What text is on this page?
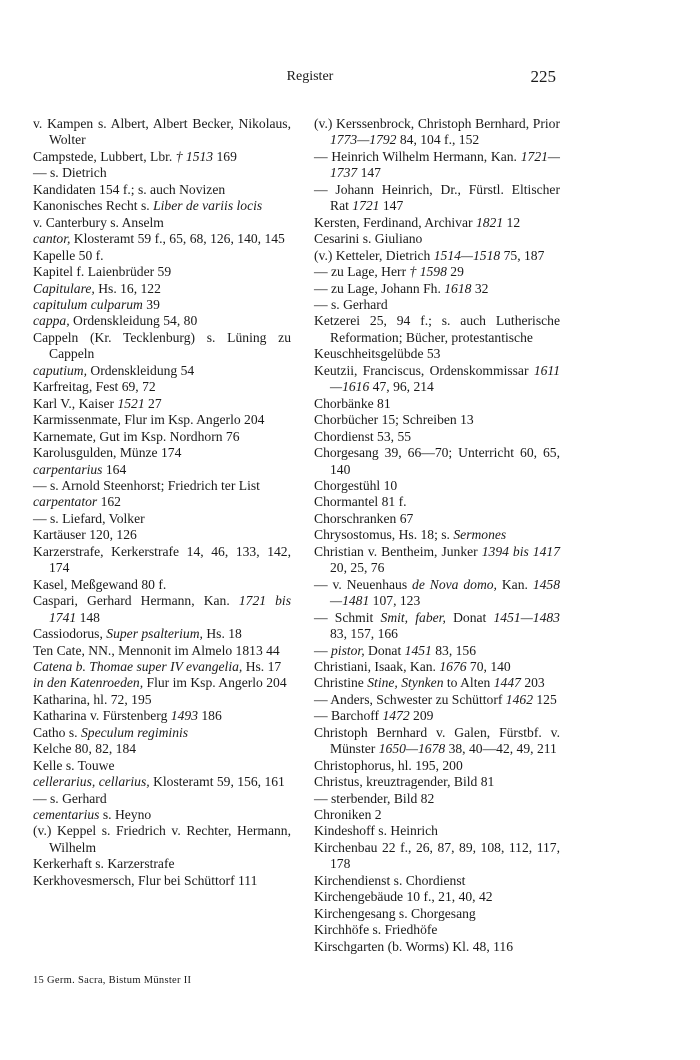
Register	225
v. Kampen s. Albert, Albert Becker, Nikolaus, Wolter
Campstede, Lubbert, Lbr. † 1513 169
— s. Dietrich
Kandidaten 154 f.; s. auch Novizen
Kanonisches Recht s. Liber de variis locis
v. Canterbury s. Anselm
cantor, Klosteramt 59 f., 65, 68, 126, 140, 145
Kapelle 50 f.
Kapitel f. Laienbrüder 59
Capitulare, Hs. 16, 122
capitulum culparum 39
cappa, Ordenskleidung 54, 80
Cappeln (Kr. Tecklenburg) s. Lüning zu Cappeln
caputium, Ordenskleidung 54
Karfreitag, Fest 69, 72
Karl V., Kaiser 1521 27
Karmissenmate, Flur im Ksp. Angerlo 204
Karnemate, Gut im Ksp. Nordhorn 76
Karolusgulden, Münze 174
carpentarius 164
— s. Arnold Steenhorst; Friedrich ter List
carpentator 162
— s. Liefard, Volker
Kartäuser 120, 126
Karzerstrafe, Kerkerstrafe 14, 46, 133, 142, 174
Kasel, Meßgewand 80 f.
Caspari, Gerhard Hermann, Kan. 1721 bis 1741 148
Cassiodorus, Super psalterium, Hs. 18
Ten Cate, NN., Mennonit im Almelo 1813 44
Catena b. Thomae super IV evangelia, Hs. 17
in den Katenroeden, Flur im Ksp. Angerlo 204
Katharina, hl. 72, 195
Katharina v. Fürstenberg 1493 186
Catho s. Speculum regiminis
Kelche 80, 82, 184
Kelle s. Touwe
cellerarius, cellarius, Klosteramt 59, 156, 161
— s. Gerhard
cementarius s. Heyno
(v.) Keppel s. Friedrich v. Rechter, Hermann, Wilhelm
Kerkerhaft s. Karzerstrafe
Kerkhovesmersch, Flur bei Schüttorf 111
(v.) Kerssenbrock, Christoph Bernhard, Prior 1773—1792 84, 104 f., 152
— Heinrich Wilhelm Hermann, Kan. 1721—1737 147
— Johann Heinrich, Dr., Fürstl. Eltischer Rat 1721 147
Kersten, Ferdinand, Archivar 1821 12
Cesarini s. Giuliano
(v.) Ketteler, Dietrich 1514—1518 75, 187
— zu Lage, Herr † 1598 29
— zu Lage, Johann Fh. 1618 32
— s. Gerhard
Ketzerei 25, 94 f.; s. auch Lutherische Reformation; Bücher, protestantische
Keuschheitsgelübde 53
Keutzii, Franciscus, Ordenskommissar 1611—1616 47, 96, 214
Chorbänke 81
Chorbücher 15; Schreiben 13
Chordienst 53, 55
Chorgesang 39, 66—70; Unterricht 60, 65, 140
Chorgestühl 10
Chormantel 81 f.
Chorschranken 67
Chrysostomus, Hs. 18; s. Sermones
Christian v. Bentheim, Junker 1394 bis 1417 20, 25, 76
— v. Neuenhaus de Nova domo, Kan. 1458—1481 107, 123
— Schmit Smit, faber, Donat 1451—1483 83, 157, 166
— pistor, Donat 1451 83, 156
Christiani, Isaak, Kan. 1676 70, 140
Christine Stine, Stynken to Alten 1447 203
— Anders, Schwester zu Schüttorf 1462 125
— Barchoff 1472 209
Christoph Bernhard v. Galen, Fürstbf. v. Münster 1650—1678 38, 40—42, 49, 211
Christophorus, hl. 195, 200
Christus, kreuztragender, Bild 81
— sterbender, Bild 82
Chroniken 2
Kindeshoff s. Heinrich
Kirchenbau 22 f., 26, 87, 89, 108, 112, 117, 178
Kirchendienst s. Chordienst
Kirchengebäude 10 f., 21, 40, 42
Kirchengesang s. Chorgesang
Kirchhöfe s. Friedhöfe
Kirschgarten (b. Worms) Kl. 48, 116
15 Germ. Sacra, Bistum Münster II
